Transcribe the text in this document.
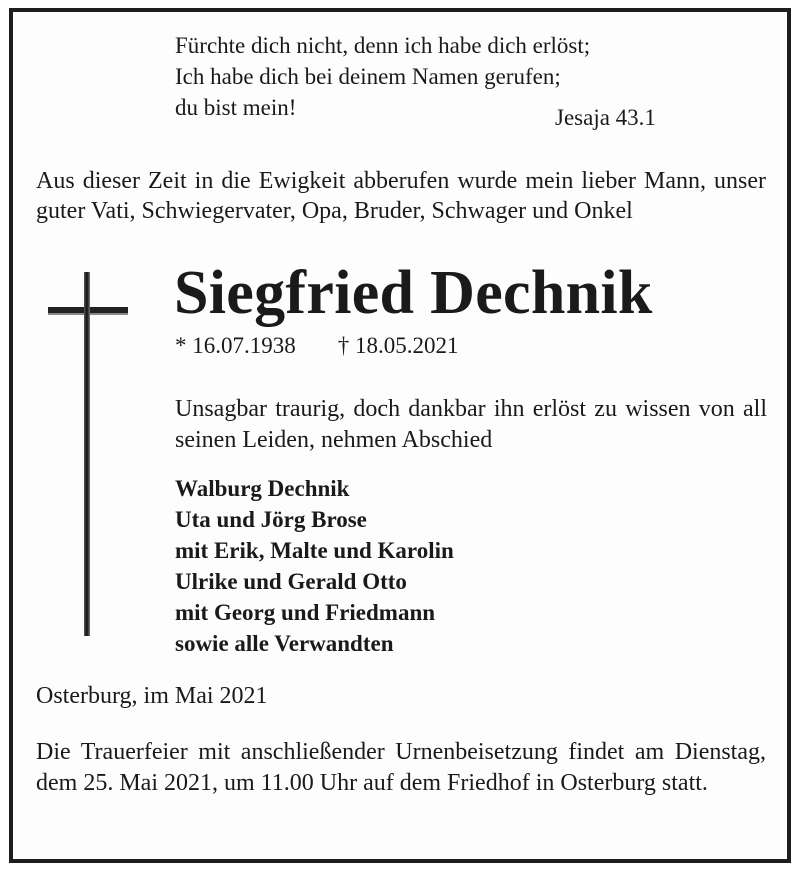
Fürchte dich nicht, denn ich habe dich erlöst;
Ich habe dich bei deinem Namen gerufen;
du bist mein!	Jesaja 43.1
Aus dieser Zeit in die Ewigkeit abberufen wurde mein lieber Mann, unser guter Vati, Schwiegervater, Opa, Bruder, Schwager und Onkel
Siegfried Dechnik
* 16.07.1938 † 18.05.2021
Unsagbar traurig, doch dankbar ihn erlöst zu wissen von all seinen Leiden, nehmen Abschied
Walburg Dechnik
Uta und Jörg Brose
mit Erik, Malte und Karolin
Ulrike und Gerald Otto
mit Georg und Friedmann
sowie alle Verwandten
Osterburg, im Mai 2021
Die Trauerfeier mit anschließender Urnenbeisetzung findet am Dienstag, dem 25. Mai 2021, um 11.00 Uhr auf dem Friedhof in Osterburg statt.
